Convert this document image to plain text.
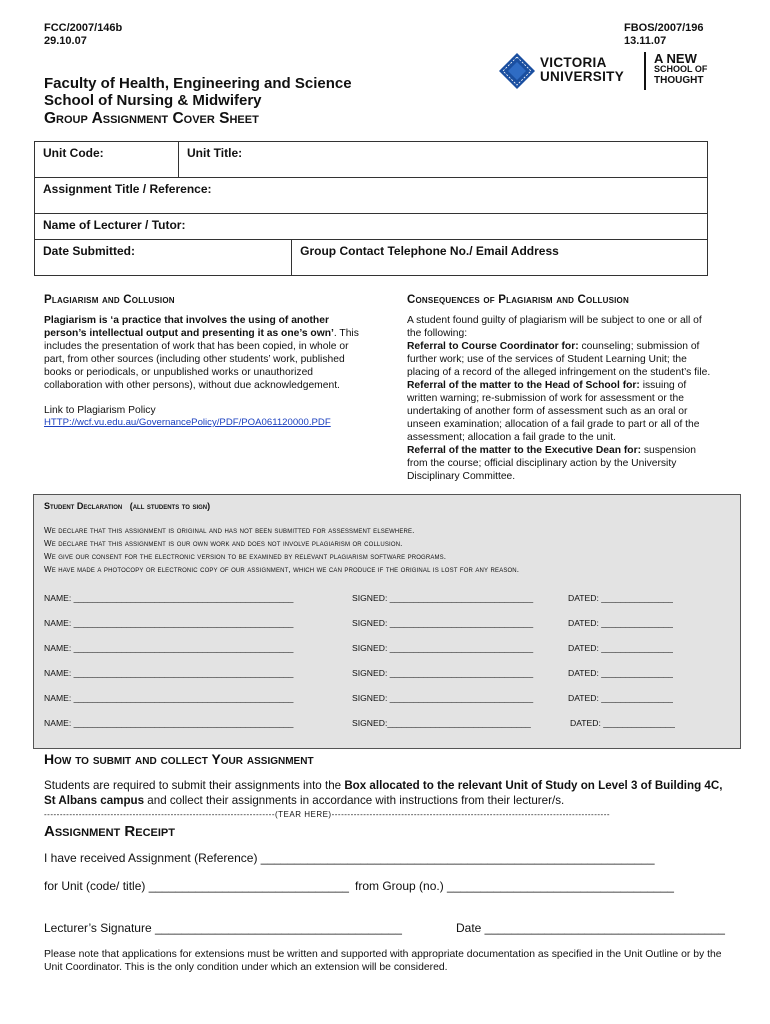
FCC/2007/146b
29.10.07
FBOS/2007/196
13.11.07
VICTORIA
UNIVERSITY
A NEW
SCHOOL OF
THOUGHT
Faculty of Health, Engineering and Science
School of Nursing & Midwifery
Group Assignment Cover Sheet
Unit Code:	Unit Title:	
Assignment Title / Reference:		
Name of Lecturer / Tutor:		
Date Submitted:		Group Contact Telephone No./ Email Address
Plagiarism and Collusion
Plagiarism is ‘a practice that involves the using of another person’s intellectual output and presenting it as one’s own’. This includes the presentation of work that has been copied, in whole or part, from other sources (including other students’ work, published books or periodicals, or unpublished works or unauthorized collaboration with other persons), without due acknowledgement.
Link to Plagiarism Policy
HTTP://wcf.vu.edu.au/GovernancePolicy/PDF/POA061120000.PDF
Consequences of Plagiarism and Collusion
A student found guilty of plagiarism will be subject to one or all of the following:
Referral to Course Coordinator for: counseling; submission of further work; use of the services of Student Learning Unit; the placing of a record of the alleged infringement on the student’s file.
Referral of the matter to the Head of School for: issuing of written warning; re-submission of work for assessment or the undertaking of another form of assessment such as an oral or unseen examination; allocation of a fail grade to part or all of the assessment; allocation a fail grade to the unit.
Referral of the matter to the Executive Dean for: suspension from the course; official disciplinary action by the University Disciplinary Committee.
Student Declaration   (all students to sign)
We declare that this assignment is original and has not been submitted for assessment elsewhere.
We declare that this assignment is our own work and does not involve plagiarism or collusion.
We give our consent for the electronic version to be examined by relevant plagiarism software programs.
We have made a photocopy or electronic copy of our assignment, which we can produce if the original is lost for any reason.
NAME: ______________________________________________	SIGNED: ______________________________	DATED: _______________
NAME: ______________________________________________	SIGNED: ______________________________	DATED: _______________
NAME: ______________________________________________	SIGNED: ______________________________	DATED: _______________
NAME: ______________________________________________	SIGNED: ______________________________	DATED: _______________
NAME: ______________________________________________	SIGNED: ______________________________	DATED: _______________
NAME: ______________________________________________	SIGNED:______________________________	DATED: _______________
How to submit and collect Your assignment
Students are required to submit their assignments into the Box allocated to the relevant Unit of Study on Level 3 of Building 4C, St Albans campus and collect their assignments in accordance with instructions from their lecturer/s.
-------------------------------------------------------------------------(TEAR HERE)----------------------------------------------------------------------------------------
Assignment Receipt
I have received Assignment (Reference) ___________________________________________________________
for Unit (code/ title) ______________________________ from Group (no.) __________________________________
Lecturer’s Signature _____________________________________	Date ____________________________________
Please note that applications for extensions must be written and supported with appropriate documentation as specified in the Unit Outline or by the Unit Coordinator. This is the only condition under which an extension will be considered.
